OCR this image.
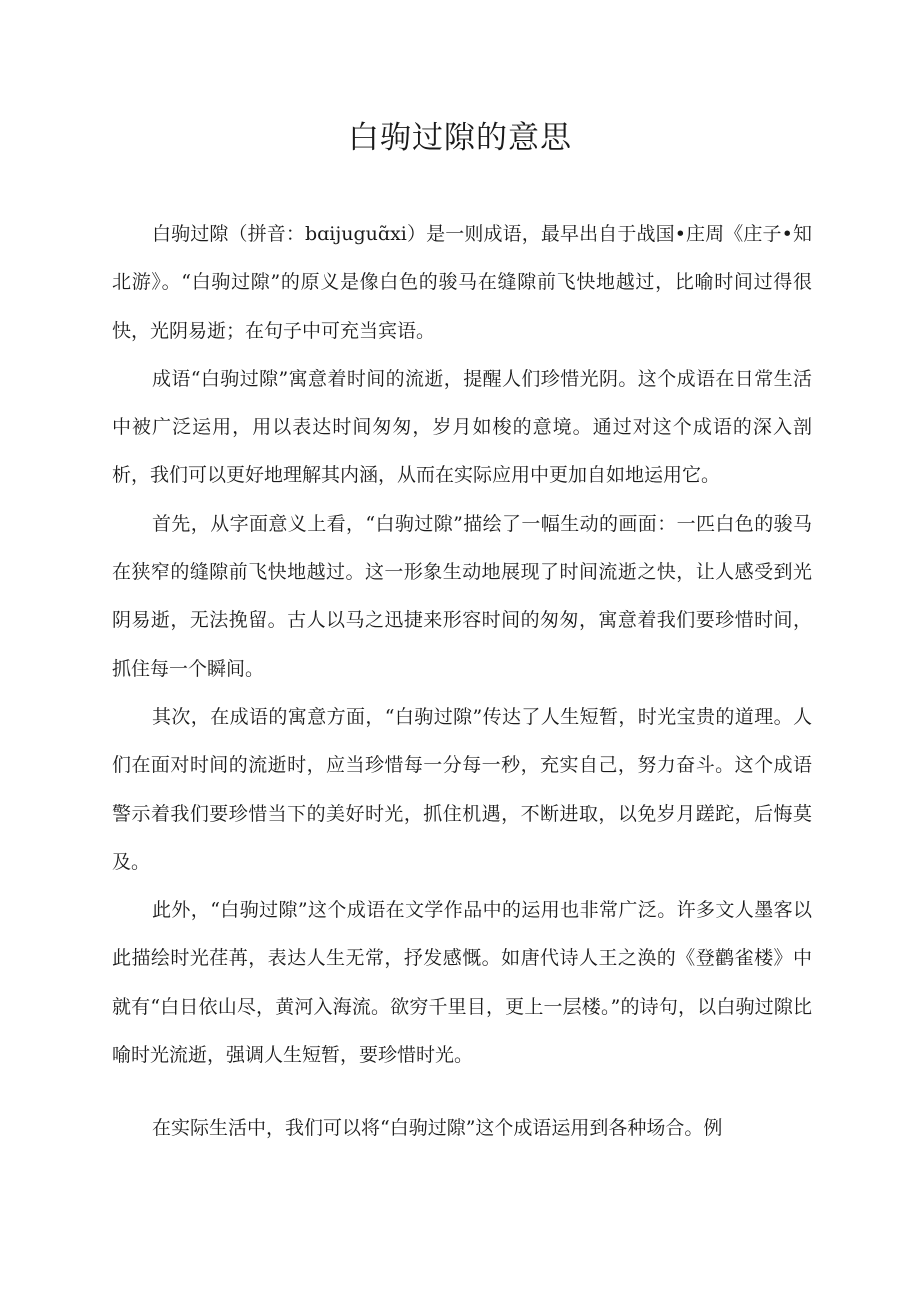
白驹过隙的意思

白驹过隙（拼音：bɑijuguɑ̃xi）是一则成语，最早出自于战国•庄周《庄子•知北游》。“白驹过隙”的原义是像白色的骏马在缝隙前飞快地越过，比喻时间过得很快，光阴易逝；在句子中可充当宾语。

成语“白驹过隙”寓意着时间的流逝，提醒人们珍惜光阴。这个成语在日常生活中被广泛运用，用以表达时间匆匆，岁月如梭的意境。通过对这个成语的深入剖析，我们可以更好地理解其内涵，从而在实际应用中更加自如地运用它。

首先，从字面意义上看，“白驹过隙”描绘了一幅生动的画面：一匹白色的骏马在狭窄的缝隙前飞快地越过。这一形象生动地展现了时间流逝之快，让人感受到光阴易逝，无法挽留。古人以马之迅捷来形容时间的匆匆，寓意着我们要珍惜时间，抓住每一个瞬间。

其次，在成语的寓意方面，“白驹过隙”传达了人生短暂，时光宝贵的道理。人们在面对时间的流逝时，应当珍惜每一分每一秒，充实自己，努力奋斗。这个成语警示着我们要珍惜当下的美好时光，抓住机遇，不断进取，以免岁月蹉跎，后悔莫及。

此外，“白驹过隙”这个成语在文学作品中的运用也非常广泛。许多文人墨客以此描绘时光荏苒，表达人生无常，抒发感慨。如唐代诗人王之涣的《登鹳雀楼》中就有“白日依山尽，黄河入海流。欲穷千里目，更上一层楼。”的诗句，以白驹过隙比喻时光流逝，强调人生短暂，要珍惜时光。

在实际生活中，我们可以将“白驹过隙”这个成语运用到各种场合。例
